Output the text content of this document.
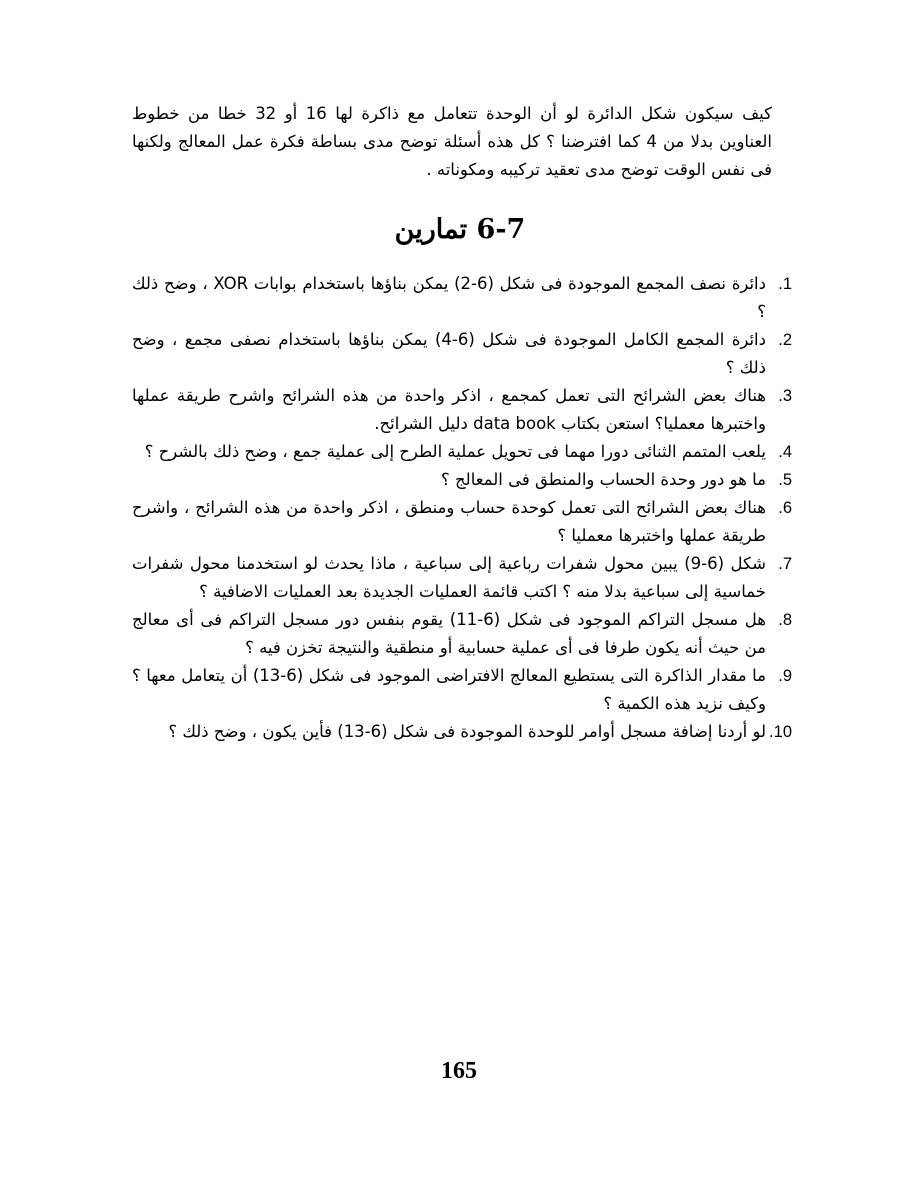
كيف سيكون شكل الدائرة لو أن الوحدة تتعامل مع ذاكرة لها 16 أو 32 خطا من خطوط العناوين بدلا من 4 كما افترضنا ؟ كل هذه أسئلة توضح مدى بساطة فكرة عمل المعالج ولكنها فى نفس الوقت توضح مدى تعقيد تركيبه ومكوناته .

6-7 تمارين
1.
دائرة نصف المجمع الموجودة فى شكل (6-2) يمكن بناؤها باستخدام بوابات XOR ، وضح ذلك ؟
2.
دائرة المجمع الكامل الموجودة فى شكل (6-4) يمكن بناؤها باستخدام نصفى مجمع ، وضح ذلك ؟
3.
هناك بعض الشرائح التى تعمل كمجمع ، اذكر واحدة من هذه الشرائح واشرح طريقة عملها واختبرها معمليا؟ استعن بكتاب data book دليل الشرائح.
4.
يلعب المتمم الثنائى دورا مهما فى تحويل عملية الطرح إلى عملية جمع ، وضح ذلك بالشرح ؟
5.
ما هو دور وحدة الحساب والمنطق فى المعالج ؟
6.
هناك بعض الشرائح التى تعمل كوحدة حساب ومنطق ، اذكر واحدة من هذه الشرائح ، واشرح طريقة عملها واختبرها معمليا ؟
7.
شكل (6-9) يبين محول شفرات رباعية إلى سباعية ، ماذا يحدث لو استخدمنا محول شفرات خماسية إلى سباعية بدلا منه ؟ اكتب قائمة العمليات الجديدة بعد العمليات الاضافية ؟
8.
هل مسجل التراكم الموجود فى شكل (6-11) يقوم بنفس دور مسجل التراكم فى أى معالج من حيث أنه يكون طرفا فى أى عملية حسابية أو منطقية والنتيجة تخزن فيه ؟
9.
ما مقدار الذاكرة التى يستطيع المعالج الافتراضى الموجود فى شكل (6-13) أن يتعامل معها ؟ وكيف نزيد هذه الكمية ؟
10.
لو أردنا إضافة مسجل أوامر للوحدة الموجودة فى شكل (6-13) فأين يكون ، وضح ذلك ؟
165
